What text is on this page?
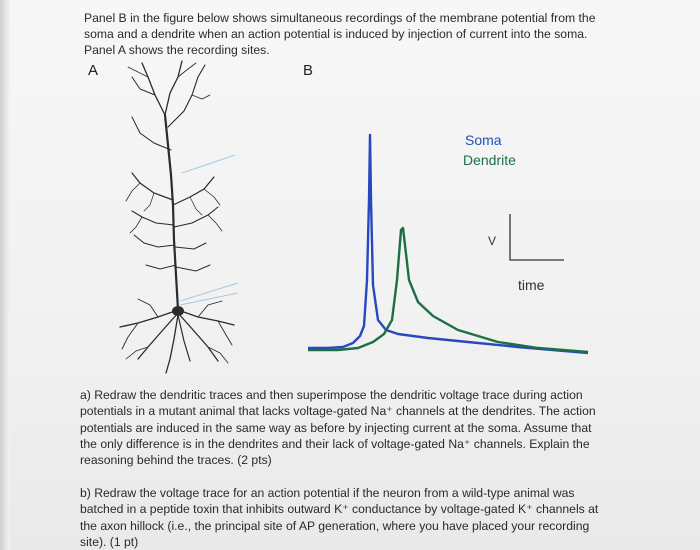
Panel B in the figure below shows simultaneous recordings of the membrane potential from the soma and a dendrite when an action potential is induced by injection of current into the soma. Panel A shows the recording sites.
A	B
Soma
Dendrite
V
time
a) Redraw the dendritic traces and then superimpose the dendritic voltage trace during action potentials in a mutant animal that lacks voltage-gated Na⁺ channels at the dendrites. The action potentials are induced in the same way as before by injecting current at the soma. Assume that the only difference is in the dendrites and their lack of voltage-gated Na⁺ channels. Explain the reasoning behind the traces. (2 pts)
b) Redraw the voltage trace for an action potential if the neuron from a wild-type animal was batched in a peptide toxin that inhibits outward K⁺ conductance by voltage-gated K⁺ channels at the axon hillock (i.e., the principal site of AP generation, where you have placed your recording site). (1 pt)
